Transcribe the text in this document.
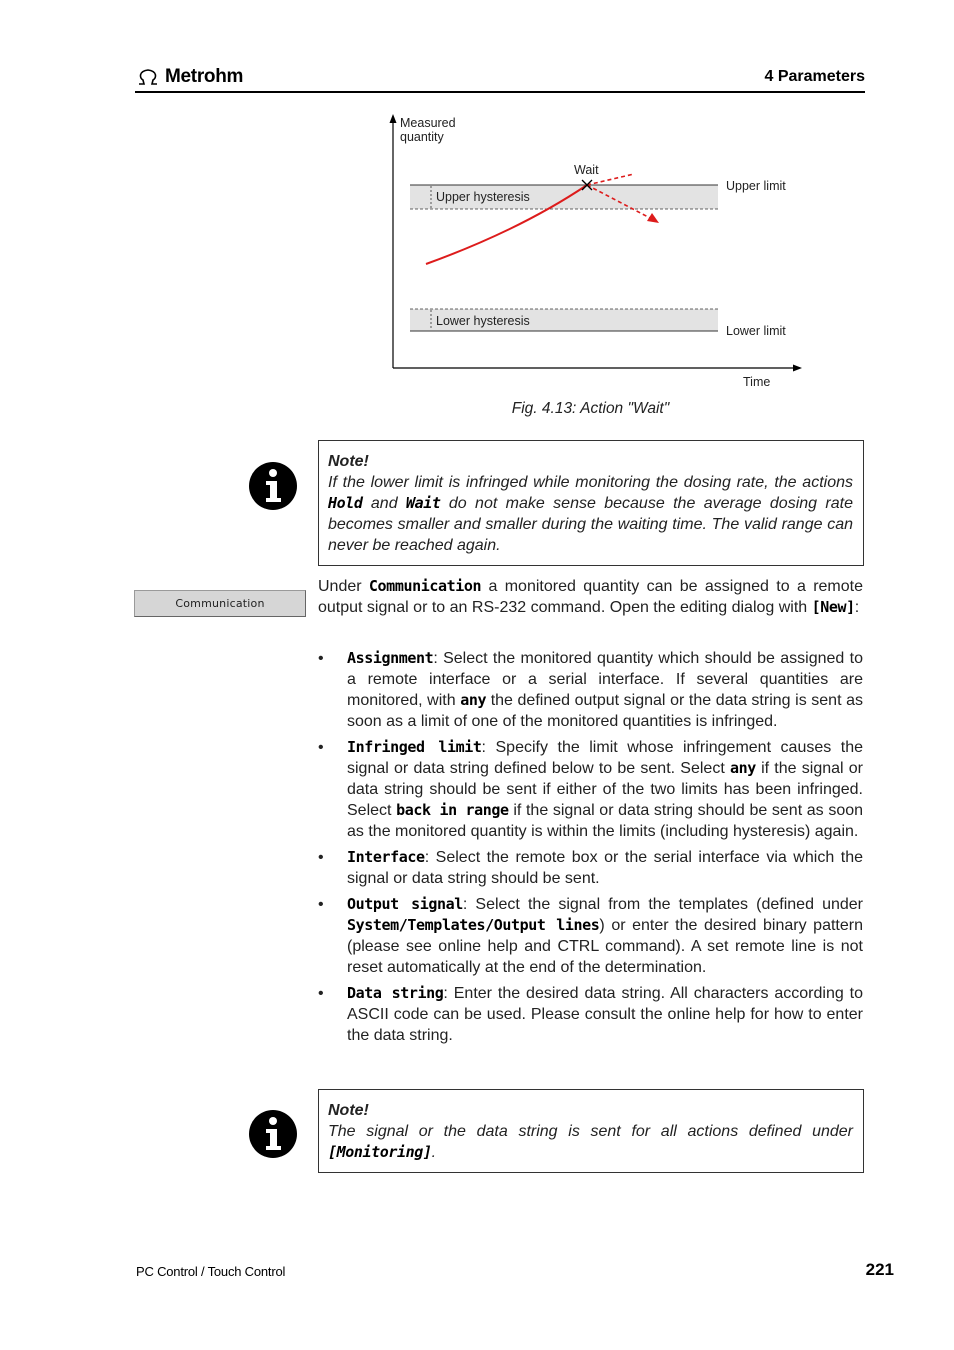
Metrohm	4 Parameters
Measured
quantity
Time
Upper hysteresis
Upper limit
Lower hysteresis
Lower limit
Wait
Fig. 4.13: Action "Wait"
Note!
If the lower limit is infringed while monitoring the dosing rate, the actions Hold and Wait do not make sense because the average dosing rate becomes smaller and smaller during the waiting time. The valid range can never be reached again.
Communication
Under Communication a monitored quantity can be assigned to a remote output signal or to an RS-232 command. Open the editing dialog with [New]:
• Assignment: Select the monitored quantity which should be assigned to a remote interface or a serial interface. If several quantities are monitored, with any the defined output signal or the data string is sent as soon as a limit of one of the monitored quantities is infringed.
• Infringed limit: Specify the limit whose infringement causes the signal or data string defined below to be sent. Select any if the signal or data string should be sent if either of the two limits has been infringed. Select back in range if the signal or data string should be sent as soon as the monitored quantity is within the limits (including hysteresis) again.
• Interface: Select the remote box or the serial interface via which the signal or data string should be sent.
• Output signal: Select the signal from the templates (defined under System/Templates/Output lines) or enter the desired binary pattern (please see online help and CTRL command). A set remote line is not reset automatically at the end of the determination.
• Data string: Enter the desired data string. All characters according to ASCII code can be used. Please consult the online help for how to enter the data string.
Note!
The signal or the data string is sent for all actions defined under [Monitoring].
PC Control / Touch Control	221
